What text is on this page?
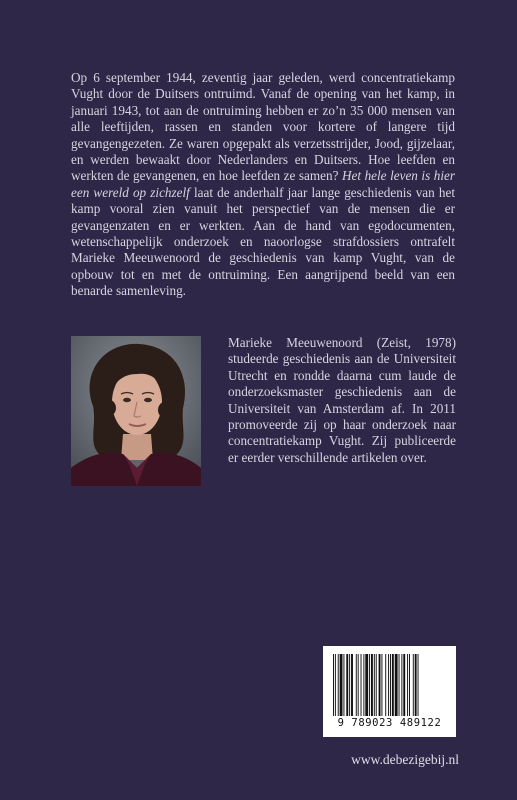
Op 6 september 1944, zeventig jaar geleden, werd concentratiekamp Vught door de Duitsers ontruimd. Vanaf de opening van het kamp, in januari 1943, tot aan de ontruiming hebben er zo’n 35 000 mensen van alle leeftijden, rassen en standen voor kortere of langere tijd gevangengezeten. Ze waren opgepakt als verzetsstrijder, Jood, gijzelaar, en werden bewaakt door Nederlanders en Duitsers. Hoe leefden en werkten de gevangenen, en hoe leefden ze samen? Het hele leven is hier een wereld op zichzelf laat de anderhalf jaar lange geschiedenis van het kamp vooral zien vanuit het perspectief van de mensen die er gevangenzaten en er werkten. Aan de hand van egodocumenten, wetenschappelijk onderzoek en naoorlogse strafdossiers ontrafelt Marieke Meeuwenoord de geschiedenis van kamp Vught, van de opbouw tot en met de ontruiming. Een aangrijpend beeld van een benarde samenleving.

Marieke Meeuwenoord (Zeist, 1978) studeerde geschiedenis aan de Universiteit Utrecht en rondde daarna cum laude de onderzoeksmaster geschiedenis aan de Universiteit van Amsterdam af. In 2011 promoveerde zij op haar onderzoek naar concentratiekamp Vught. Zij publiceerde er eerder verschillende artikelen over.

9 789023 489122
www.debezigebij.nl
